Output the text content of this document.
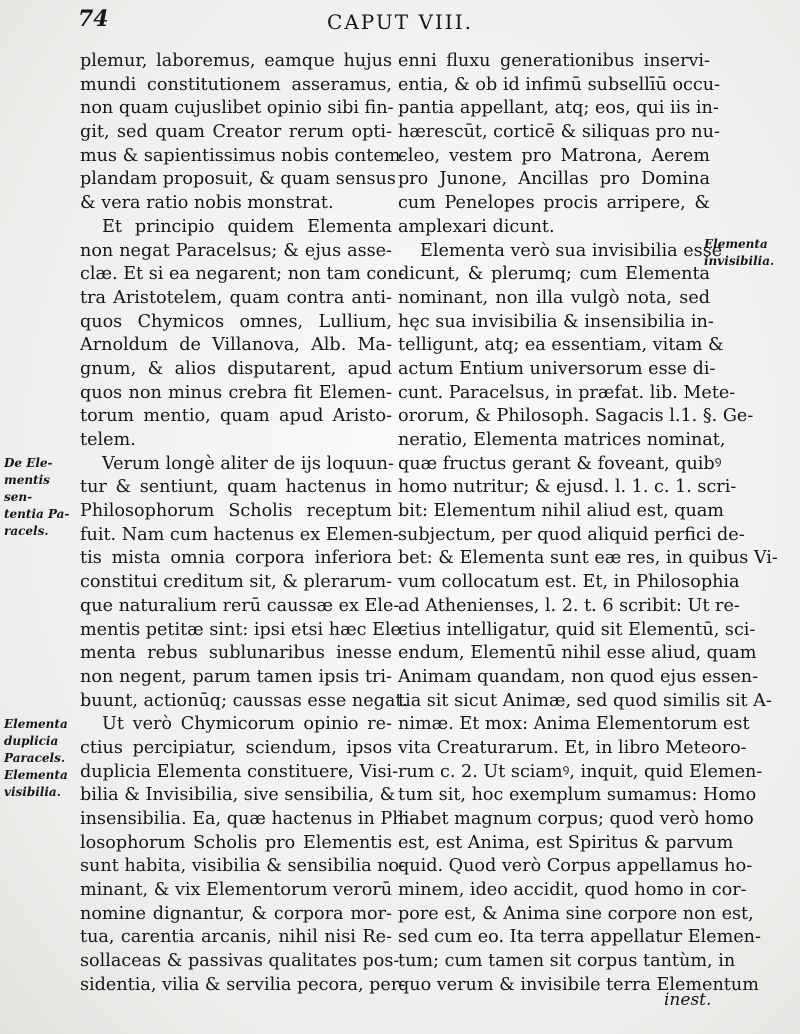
74	CAPUT VIII.
De Ele-
mentis sen-
tentia Pa-
racels.
Elementa
duplicia
Paracels.
Elementa
visibilia.
Elementa
invisibilia.
plemur, laboremus, eamque hujus
mundi constitutionem asseramus,
non quam cujuslibet opinio sibi fin-
git, sed quam Creator rerum opti-
mus & sapientissimus nobis contem-
plandam proposuit, & quam sensus
& vera ratio nobis monstrat.
Et principio quidem Elementa
non negat Paracelsus; & ejus asse-
clæ. Et si ea negarent; non tam con-
tra Aristotelem, quam contra anti-
quos Chymicos omnes, Lullium,
Arnoldum de Villanova, Alb. Ma-
gnum, & alios disputarent, apud
quos non minus crebra fit Elemen-
torum mentio, quam apud Aristo-
telem.
Verum longè aliter de ijs loquun-
tur & sentiunt, quam hactenus in
Philosophorum Scholis receptum
fuit. Nam cum hactenus ex Elemen-
tis mista omnia corpora inferiora
constitui creditum sit, & plerarum-
que naturalium rerū caussæ ex Ele-
mentis petitæ sint: ipsi etsi hæc Ele-
menta rebus sublunaribus inesse
non negent, parum tamen ipsis tri-
buunt, actionūq; caussas esse negat.
Ut verò Chymicorum opinio re-
ctius percipiatur, sciendum, ipsos
duplicia Elementa constituere, Visi-
bilia & Invisibilia, sive sensibilia, &
insensibilia. Ea, quæ hactenus in Phi-
losophorum Scholis pro Elementis
sunt habita, visibilia & sensibilia no-
minant, & vix Elementorum verorū
nomine dignantur, & corpora mor-
tua, carentia arcanis, nihil nisi Re-
sollaceas & passivas qualitates pos-
sidentia, vilia & servilia pecora, per-
enni fluxu generationibus inservi-
entia, & ob id infimū subsellīū occu-
pantia appellant, atq; eos, qui iis in-
hærescūt, corticē & siliquas pro nu-
cleo, vestem pro Matrona, Aerem
pro Junone, Ancillas pro Domina
cum Penelopes procis arripere, &
amplexari dicunt.
Elementa verò sua invisibilia esse
dicunt, & plerumq; cum Elementa
nominant, non illa vulgò nota, sed
hęc sua invisibilia & insensibilia in-
telligunt, atq; ea essentiam, vitam &
actum Entium universorum esse di-
cunt. Paracelsus, in præfat. lib. Mete-
ororum, & Philosoph. Sagacis l.1. §. Ge-
neratio, Elementa matrices nominat,
quæ fructus gerant & foveant, quibꝰ
homo nutritur; & ejusd. l. 1. c. 1. scri-
bit: Elementum nihil aliud est, quam
subjectum, per quod aliquid perfici de-
bet: & Elementa sunt eæ res, in quibus Vi-
vum collocatum est. Et, in Philosophia
ad Athenienses, l. 2. t. 6 scribit: Ut re-
ctius intelligatur, quid sit Elementū, sci-
endum, Elementū nihil esse aliud, quam
Animam quandam, non quod ejus essen-
tia sit sicut Animæ, sed quod similis sit A-
nimæ. Et mox: Anima Elementorum est
vita Creaturarum. Et, in libro Meteoro-
rum c. 2. Ut sciamꝰ, inquit, quid Elemen-
tum sit, hoc exemplum sumamus: Homo
habet magnum corpus; quod verò homo
est, est Anima, est Spiritus & parvum
quid. Quod verò Corpus appellamus ho-
minem, ideo accidit, quod homo in cor-
pore est, & Anima sine corpore non est,
sed cum eo. Ita terra appellatur Elemen-
tum; cum tamen sit corpus tantùm, in
quo verum & invisibile terra Elementum
inest.
